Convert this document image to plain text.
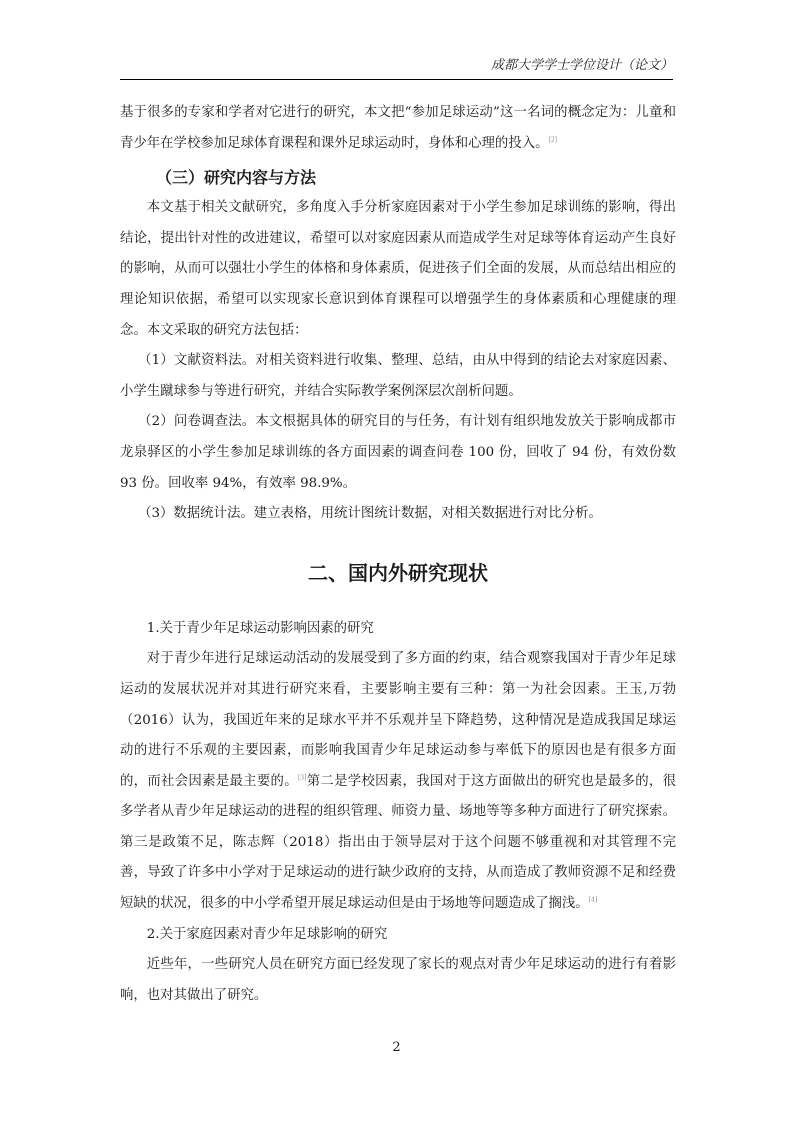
成都大学学士学位设计（论文）

基于很多的专家和学者对它进行的研究，本文把“参加足球运动”这一名词的概念定为：儿童和青少年在学校参加足球体育课程和课外足球运动时，身体和心理的投入。[2]

（三）研究内容与方法

本文基于相关文献研究，多角度入手分析家庭因素对于小学生参加足球训练的影响，得出结论，提出针对性的改进建议，希望可以对家庭因素从而造成学生对足球等体育运动产生良好的影响，从而可以强壮小学生的体格和身体素质，促进孩子们全面的发展，从而总结出相应的理论知识依据，希望可以实现家长意识到体育课程可以增强学生的身体素质和心理健康的理念。本文采取的研究方法包括：

（1）文献资料法。对相关资料进行收集、整理、总结，由从中得到的结论去对家庭因素、小学生蹴球参与等进行研究，并结合实际教学案例深层次剖析问题。

（2）问卷调查法。本文根据具体的研究目的与任务，有计划有组织地发放关于影响成都市龙泉驿区的小学生参加足球训练的各方面因素的调查问卷 100 份，回收了 94 份，有效份数 93 份。回收率 94%，有效率 98.9%。

（3）数据统计法。建立表格，用统计图统计数据，对相关数据进行对比分析。

二、国内外研究现状

1.关于青少年足球运动影响因素的研究

对于青少年进行足球运动活动的发展受到了多方面的约束，结合观察我国对于青少年足球运动的发展状况并对其进行研究来看，主要影响主要有三种：第一为社会因素。王玉,万勃（2016）认为，我国近年来的足球水平并不乐观并呈下降趋势，这种情况是造成我国足球运动的进行不乐观的主要因素，而影响我国青少年足球运动参与率低下的原因也是有很多方面的，而社会因素是最主要的。[3]第二是学校因素，我国对于这方面做出的研究也是最多的，很多学者从青少年足球运动的进程的组织管理、师资力量、场地等等多种方面进行了研究探索。第三是政策不足，陈志辉（2018）指出由于领导层对于这个问题不够重视和对其管理不完善，导致了许多中小学对于足球运动的进行缺少政府的支持，从而造成了教师资源不足和经费短缺的状况，很多的中小学希望开展足球运动但是由于场地等问题造成了搁浅。[4]

2.关于家庭因素对青少年足球影响的研究

近些年，一些研究人员在研究方面已经发现了家长的观点对青少年足球运动的进行有着影响，也对其做出了研究。

2
